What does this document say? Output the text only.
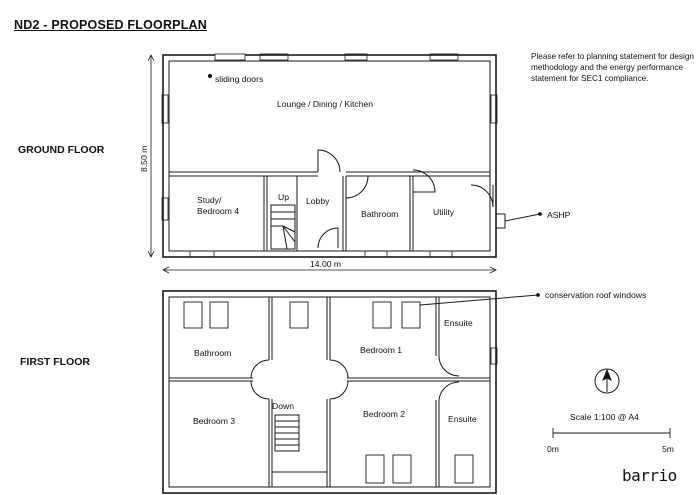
ND2 - PROPOSED FLOORPLAN
Please refer to planning statement for design methodology and the energy performance statement for SEC1 compliance.
GROUND FLOOR
FIRST FLOOR
sliding doors
Lounge / Dining / Kitchen
Study/
Bedroom 4
Up Lobby
Bathroom	Utility	ASHP
14.00 m
8.50 m
conservation roof windows
Bathroom	Bedroom 1
Ensuite
Bedroom 3
Down
Bedroom 2	Ensuite	Scale 1:100 @ A4
0m	5m
barrio
